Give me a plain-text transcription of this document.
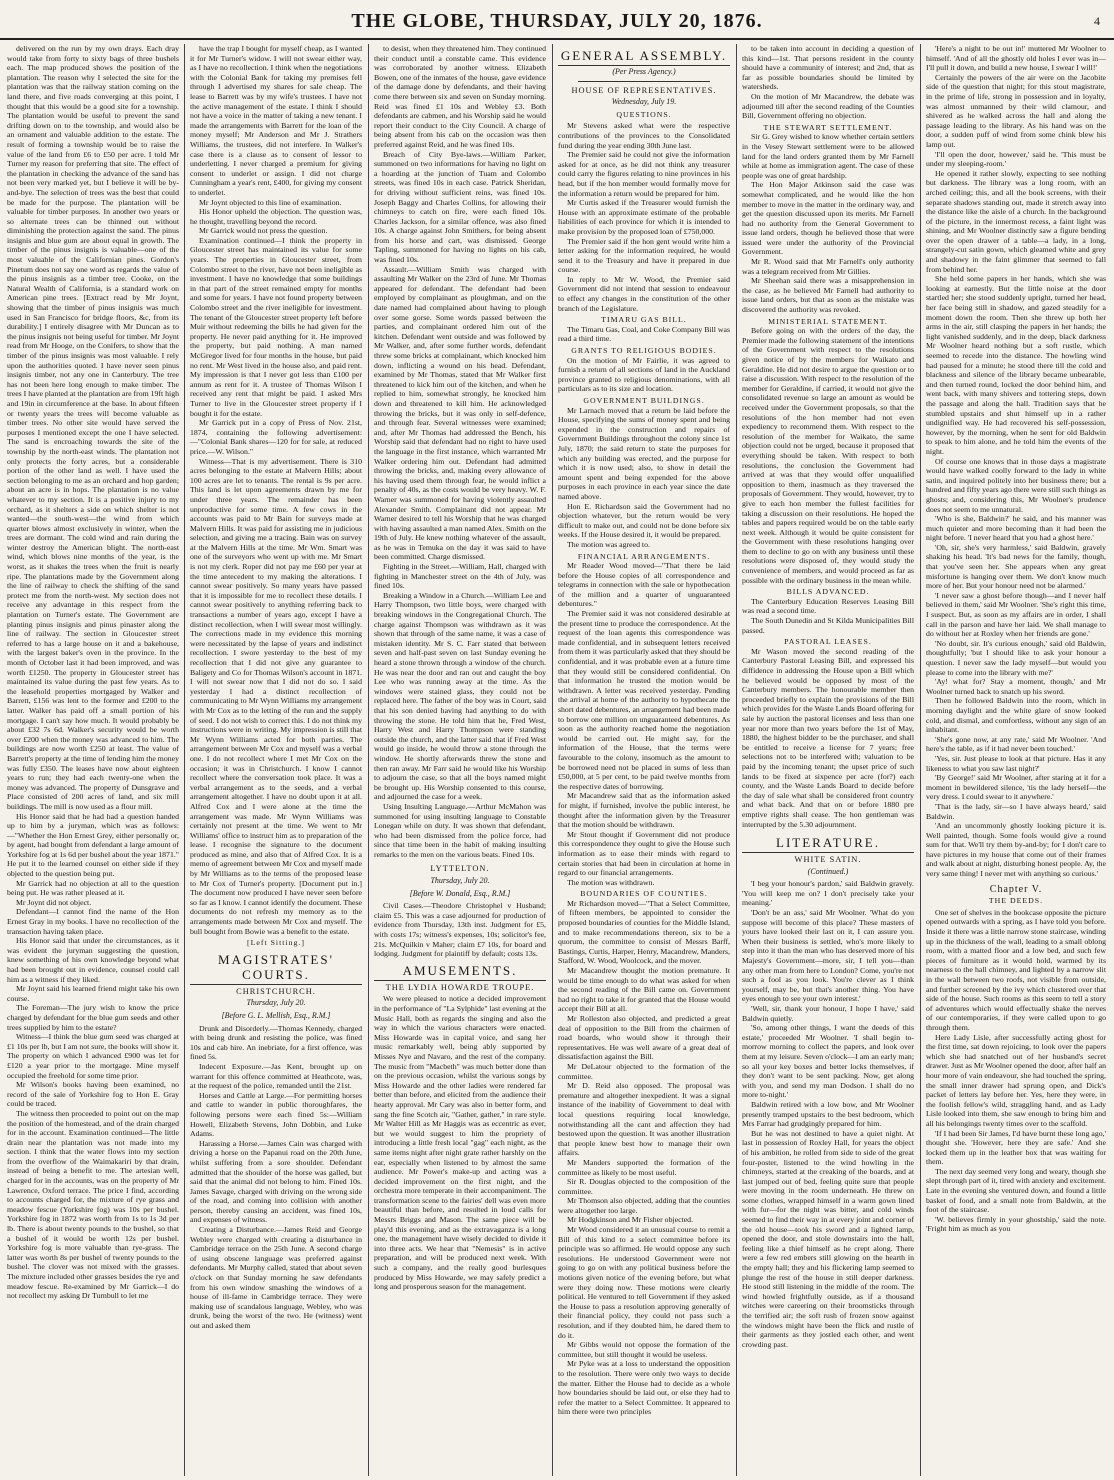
THE GLOBE, THURSDAY, JULY 20, 1876.	4

delivered on the run by my own drays. Each dray would take from forty to sixty bags of three bushels each. The map produced shows the position of the plantation. The reason why I selected the site for the plantation was that the railway station coming on the land there, and five roads converging at this point, I thought that this would be a good site for a township. The plantation would be useful to prevent the sand drifting down on to the township, and would also be an ornament and valuable addition to the estate. The result of forming a township would be to raise the value of the land from £6 to £50 per acre. I told Mr Turner my reason for preferring that site. The effect of the plantation in checking the advance of the sand has not been very marked yet, but I believe it will be by-and-bye. The selection of trees was the best that could be made for the purpose. The plantation will be valuable for timber purposes. In another two years or so alternate trees can be thinned out without diminishing the protection against the sand. The pinus insignis and blue gum are about equal in growth. The timber of the pinus insignis is valuable—one of the most valuable of the Californian pines. Gordon's Pinetum does not say one word as regards the value of the pinus insignis as a timber tree. Cooke, on the Natural Wealth of California, is a standard work on American pine trees. [Extract read by Mr Joynt, showing that the timber of pinus insignis was much used in San Francisco for bridge floors, &c, from its durability.] I entirely disagree with Mr Duncan as to the pinus insignis not being useful for timber. Mr Joynt read from Mr Hooge, on the Conifers, to show that the timber of the pinus insignis was most valuable. I rely upon the authorities quoted. I have never seen pinus insignis timber, not any one in Canterbury. The tree has not been here long enough to make timber. The trees I have planted at the plantation are from 19ft high and 19in in circumference at the base. In about fifteen or twenty years the trees will become valuable as timber trees. No other site would have served the purposes I mentioned except the one I have selected. The sand is encroaching towards the site of the township by the north-east winds. The plantation not only protects the forty acres, but a considerable portion of the other land as well. I have used the section belonging to me as an orchard and hop garden; about an acre is in hops. The plantation is no value whatever to my section. It is a positive injury to my orchard, as it shelters a side on which shelter is not wanted—the south-west—the wind from which quarter blows almost exclusively in winter, when the trees are dormant. The cold wind and rain during the winter destroy the American blight. The north-east wind, which blows nine months of the year, is the worst, as it shakes the trees when the fruit is nearly ripe. The plantations made by the Government along the line of railway to check the shifting of the sand protect me from the north-west. My section does not receive any advantage in this respect from the plantation on Turner's estate. The Government are planting pinus insignis and pinus pinaster along the line of railway. The section in Gloucester street referred to has a large house on it and a bakehouse, with the largest baker's oven in the province. In the month of October last it had been improved, and was worth £1250. The property in Gloucester street has maintained its value during the past few years. As to the leasehold properties mortgaged by Walker and Barrett, £156 was lent to the former and £200 to the latter. Walker has paid off a small portion of his mortgage. I can't say how much. It would probably be about £32 7s 6d. Walker's security would be worth over £200 when the money was advanced to him. The buildings are now worth £250 at least. The value of Barrett's property at the time of lending him the money was fully £350. The leases have now about eighteen years to run; they had each twenty-one when the money was advanced. The property of Dunsgrave and Place consisted of 200 acres of land, and six mill buildings. The mill is now used as a flour mill.

His Honor said that he had had a question handed up to him by a juryman, which was as follows:—"Whether the Hon Ernest Grey, either personally or, by agent, had bought from defendant a large amount of Yorkshire fog at 1s 6d per bushel about the year 1871." He put it to the learned counsel on either side if they objected to the question being put.

Mr Garrick had no objection at all to the question being put. He was rather pleased at it.

Mr Joynt did not object.

Defendant—I cannot find the name of the Hon Ernest Gray in my books. I have no recollection of the transaction having taken place.

His Honor said that under the circumstances, as it was evident the juryman suggesting the question, knew something of his own knowledge beyond what had been brought out in evidence, counsel could call him as a witness if they liked.

Mr Joynt said his learned friend might take his own course.

The Foreman—The jury wish to know the price charged by defendant for the blue gum seeds and other trees supplied by him to the estate?

Witness—I think the blue gum seed was charged at £1 10s per lb, but I am not sure, the books will show it. The property on which I advanced £900 was let for £120 a year prior to the mortgage. Mine myself occupied the freehold for some time prior.

Mr Wilson's books having been examined, no record of the sale of Yorkshire fog to Hon E. Gray could be traced.

The witness then proceeded to point out on the map the position of the homestead, and of the drain charged for in the account. Examination continued—The little drain near the plantation was not made into my section. I think that the water flows into my section from the overflow of the Waimakariri by that drain, instead of being a benefit to me. The artesian well, charged for in the accounts, was on the property of Mr Lawrence, Oxford terrace. The price I find, according to accounts charged for, the mixture of rye grass and meadow fescue (Yorkshire fog) was 10s per bushel. Yorkshire fog in 1872 was worth from 1s to 1s 3d per lb. There is about twenty pounds to the bushel, so that a bushel of it would be worth 12s per bushel. Yorkshire fog is more valuable than rye-grass. The latter was worth 8s per bushel of twenty pounds to the bushel. The clover was not mixed with the grasses. The mixture included other grasses besides the rye and meadow fescue. Re-examined by Mr Garrick—I do not recollect my asking Dr Turnbull to let me

have the trap I bought for myself cheap, as I wanted it for Mr Turner's widow. I will not swear either way, as I have no recollection. I think when the negotiations with the Colonial Bank for taking my premises fell through I advertised my shares for sale cheap. The lease to Barrett was by my wife's trustees. I have not the active management of the estate. I think I should not have a voice in the matter of taking a new tenant. I made the arrangements with Barrett for the loan of the money myself; Mr Anderson and Mr J. Strathers Williams, the trustees, did not interfere. In Walker's case there is a clause as to consent of lessor to underletting. I never charged a premium for giving consent to underlet or assign. I did not charge Cunningham a year's rent, £400, for giving my consent to underlet.

Mr Joynt objected to this line of examination.

His Honor upheld the objection. The question was, he thought, travelling beyond the record.

Mr Garrick would not press the question.

Examination continued—I think the property in Gloucester street has maintained its value for some years. The properties in Gloucester street, from Colombo street to the river, have not been ineligible as investment. I have no knowledge that some buildings in that part of the street remained empty for months and some for years. I have not found property between Colombo street and the river ineligible for investment. The tenant of the Gloucester street property left before Muir without redeeming the bills he had given for the property. He never paid anything for it. He improved the property, but paid nothing. A man named McGregor lived for four months in the house, but paid no rent. Mr West lived in the house also, and paid rent. My impression is that I never got less than £100 per annum as rent for it. A trustee of Thomas Wilson I received any rent that might be paid. I asked Mrs Turner to live in the Gloucester street property if I bought it for the estate.

Mr Garrick put in a copy of Press of Nov. 21st, 1874, containing the following advertisement:—"Colonial Bank shares—120 for for sale, at reduced price.—W. Wilson."

Witness—That is my advertisement. There is 310 acres belonging to the estate at Malvern Hills; about 100 acres are let to tenants. The rental is 9s per acre. This land is let upon agreements drawn by me for under three years. The remainder has been unproductive for some time. A few cows in the accounts was paid to Mr Bain for surveys made at Malvern Hills. It was paid for assisting me in judicious selection, and giving me a tracing. Bain was on survey at the Malvern Hills at the time. Mr Wm. Smart was one of the surveyors who went up with me. Mr Smart is not my clerk. Roper did not pay me £60 per year at the time antecedent to my making the alterations. I cannot swear positively. So many years have passed that it is impossible for me to recollect these details. I cannot swear positively to anything referring back to transactions a number of years ago, except I have a distinct recollection, when I will swear most willingly. The corrections made in my evidence this morning were necessitated by the lapse of years and indistinct recollection. I swore yesterday to the best of my recollection that I did not give any guarantee to Baligety and Co for Thomas Wilson's account in 1871. I will not swear now that I did not do so. I said yesterday I had a distinct recollection of communicating to Mr Wynn Williams my arrangement with Mr Cox as to the letting of the run and the supply of seed. I do not wish to correct this. I do not think my instructions were in writing. My impression is still that Mr Wynn Williams acted for both parties. The arrangement between Mr Cox and myself was a verbal one. I do not recollect where I met Mr Cox on the occasion; it was in Christchurch. I know I cannot recollect where the conversation took place. It was a verbal arrangement as to the seeds, and a verbal arrangement altogether. I have no doubt upon it at all. Alfred Cox and I were alone at the time the arrangement was made. Mr Wynn Williams was certainly not present at the time. We went to Mr Williams' office to instruct him as to preparation of the lease. I recognise the signature to the document produced as mine, and also that of Alfred Cox. It is a memo of agreement between Mr Cox and myself made by Mr Williams as to the terms of the proposed lease to Mr Cox of Turner's property. [Document put in.] The document now produced I have never seen before so far as I know. I cannot identify the document. These documents do not refresh my memory as to the arrangements made between Mr Cox and myself. The bull bought from Bowie was a benefit to the estate.

[Left Sitting.]

MAGISTRATES' COURTS.
CHRISTCHURCH.
Thursday, July 20.
[Before G. L. Mellish, Esq., R.M.]

Drunk and Disorderly.—Thomas Kennedy, charged with being drunk and resisting the police, was fined 10s and cab hire. An inebriate, for a first offence, was fined 5s.

Indecent Exposure.—Jas Kent, brought up on warrant for this offence committed at Heathcote, was, at the request of the police, remanded until the 21st.

Horses and Cattle at Large.—For permitting horses and cattle to wander in public thoroughfares, the following persons were each fined 5s:—William Howell, Elizabeth Stevens, John Dobbin, and Luke Adams.

Harassing a Horse.—James Cain was charged with driving a horse on the Papanui road on the 20th June, whilst suffering from a sore shoulder. Defendant admitted that the shoulder of the horse was galled, but said that the animal did not belong to him. Fined 10s. James Savage, charged with driving on the wrong side of the road, and coming into collision with another person, thereby causing an accident, was fined 10s, and expenses of witness.

Creating a Disturbance.—James Reid and George Webley were charged with creating a disturbance in Cambridge terrace on the 25th June. A second charge of using obscene language was preferred against defendants. Mr Murphy called, stated that about seven o'clock on that Sunday morning he saw defendants from his own window smashing the windows of a house of ill-fame in Cambridge terrace. They were making use of scandalous language, Webley, who was drunk, being the worst of the two. He (witness) went out and asked them

to desist, when they threatened him. They continued their conduct until a constable came. This evidence was corroborated by another witness. Elizabeth Bowen, one of the inmates of the house, gave evidence of the damage done by defendants, and their having come there between six and seven on Sunday morning. Reid was fined £1 10s and Webley £3. Both defendants are cabmen, and his Worship said he would report their conduct to the City Council. A charge of being absent from his cab on the occasion was then preferred against Reid, and he was fined 10s.

Breach of City Bye-laws.—William Parker, summoned on two informations for having no light on a hoarding at the junction of Tuam and Colombo streets, was fined 10s in each case. Patrick Sheridan, for driving without sufficient reins, was fined 10s. Joseph Baggy and Charles Collins, for allowing their chimneys to catch on fire, were each fined 10s. Charles Jackson, for a similar offence, was also fined 10s. A charge against John Smithers, for being absent from his horse and cart, was dismissed. George Tapling, summoned for having no lights on his cab, was fined 10s.

Assault.—William Smith was charged with assaulting Mr Walker on the 23rd of June. Mr Thomas appeared for defendant. The defendant had been employed by complainant as ploughman, and on the date named had complained about having to plough over some gorse. Some words passed between the parties, and complainant ordered him out of the kitchen. Defendant went outside and was followed by Mr Walker, and, after some further words, defendant threw some bricks at complainant, which knocked him down, inflicting a wound on his head. Defendant, examined by Mr Thomas, stated that Mr Walker first threatened to kick him out of the kitchen, and when he replied to him, somewhat strongly, he knocked him down and threatened to kill him. He acknowledged throwing the bricks, but it was only in self-defence, and through fear. Several witnesses were examined; and, after Mr Thomas had addressed the Bench, his Worship said that defendant had no right to have used the language in the first instance, which warranted Mr Walker ordering him out. Defendant had admitted throwing the bricks, and, making every allowance of his having used them through fear, he would inflict a penalty of 40s, as the costs would be very heavy. W. F. Warner was summoned for having violently assaulted Alexander Smith. Complainant did not appear. Mr Warner desired to tell his Worship that he was charged with having assaulted a man named Alex. Smith on the 19th of July. He knew nothing whatever of the assault, as he was in Temuka on the day it was said to have been committed. Charge dismissed.

Fighting in the Street.—William, Hall, charged with fighting in Manchester street on the 4th of July, was fined 10s.

Breaking a Window in a Church.—William Lee and Harry Thompson, two little boys, were charged with breaking windows in the Congregational Church. The charge against Thompson was withdrawn as it was shown that through of the same name, it was a case of mistaken identity. Mr S. C. Farr stated that between seven and half-past seven on last Sunday evening he heard a stone thrown through a window of the church. He was near the door and ran out and caught the boy Lee who was running away at the time. As the windows were stained glass, they could not be replaced here. The father of the boy was in Court, said that his son denied having had anything to do with throwing the stone. He told him that he, Fred West, Harry West and Harry Thompson were standing outside the church, and the latter said that if Fred West would go inside, he would throw a stone through the window. He shortly afterwards threw the stone and then ran away. Mr Farr said he would like his Worship to adjourn the case, so that all the boys named might be brought up. His Worship consented to this course, and adjourned the case for a week.

Using Insulting Language.—Arthur McMahon was summoned for using insulting language to Constable Lonegan while on duty. It was shown that defendant, who had been dismissed from the police force, had since that time been in the habit of making insulting remarks to the men on the various beats. Fined 10s.

LYTTELTON.
Thursday, July 20.
[Before W. Donald, Esq., R.M.]

Civil Cases.—Theodore Christophel v Husband; claim £5. This was a case adjourned for production of evidence from Thursday, 13th inst. Judgment for £5, with costs 17s; witness's expenses, 10s; solicitor's fee, 21s. McQuilkin v Maher; claim £7 10s, for board and lodging. Judgment for plaintiff by default; costs 13s.

AMUSEMENTS.
THE LYDIA HOWARDE TROUPE.

We were pleased to notice a decided improvement in the performance of "La Sylphide" last evening at the Music Hall, both as regards the singing and also the way in which the various characters were enacted. Miss Howarde was in capital voice, and sang her music remarkably well, being ably supported by Misses Nye and Navaro, and the rest of the company. The music from "Macbeth" was much better done than on the previous occasion, whilst the various songs by Miss Howarde and the other ladies were rendered far better than before, and elicited from the audience their hearty approval. Mr Cary was also in better form, and sang the fine Scotch air, "Gather, gather," in rare style. Mr Walter Hill as Mr Haggis was as eccentric as ever, but we would suggest to him the propriety of introducing a little fresh local "gag" each night, as the same items night after night grate rather harshly on the ear, especially when listened to by almost the same audience. Mr Power's make-up and acting was a decided improvement on the first night, and the orchestra more temperate in their accompaniment. The transformation scene to the fairies' dell was even more beautiful than before, and resulted in loud calls for Messrs Briggs and Mason. The same piece will be play'd this evening, and as the extravaganza is a long one, the management have wisely decided to divide it into three acts. We hear that "Nemesis" is in active preparation, and will be produced next week. With such a company, and the really good burlesques produced by Miss Howarde, we may safely predict a long and prosperous season for the management.

GENERAL ASSEMBLY.
(Per Press Agency.)
HOUSE OF REPRESENTATIVES.
Wednesday, July 19.
QUESTIONS.

Mr Stevens asked what were the respective contributions of the provinces to the Consolidated fund during the year ending 30th June last.

The Premier said he could not give the information asked for at once, as he did not think any treasurer could carry the figures relating to nine provinces in his head, but if the hon member would formally move for the information a return would be prepared for him.

Mr Curtis asked if the Treasurer would furnish the House with an approximate estimate of the probable liabilities of each province for which it is intended to make provision by the proposed loan of £750,000.

The Premier said if the hon gent would write him a letter asking for the information required, he would send it to the Treasury and have it prepared in due course.

In reply to Mr W. Wood, the Premier said Government did not intend that session to endeavour to effect any changes in the constitution of the other branch of the Legislature.

TIMARU GAS BILL.

The Timaru Gas, Coal, and Coke Company Bill was read a third time.

GRANTS TO RELIGIOUS BODIES.

On the motion of Mr Fairlie, it was agreed to furnish a return of all sections of land in the Auckland province granted to religious denominations, with all particulars as to its size and location.

GOVERNMENT BUILDINGS.

Mr Larnach moved that a return be laid before the House, specifying the sums of money spent and being expended in the construction and repairs of Government Buildings throughout the colony since 1st July, 1870; the said return to state the purposes for which any building was erected, and the purpose for which it is now used; also, to show in detail the amount spent and being expended for the above purposes in each province in each year since the date named above.

Hon E. Richardson said the Government had no objection whatever, but the return would be very difficult to make out, and could not be done before six weeks. If the House desired it, it would be prepared.

The motion was agreed to.

FINANCIAL ARRANGEMENTS.

Mr Reader Wood moved—"That there be laid before the House copies of all correspondence and telegrams in connection with the sale or hypothecation of the million and a quarter of unguaranteed debentures."

The Premier said it was not considered desirable at the present time to produce the correspondence. At the request of the loan agents this correspondence was made confidential, and in subsequent letters received from them it was particularly asked that they should be confidential, and it was probable even at a future time that they would still be considered confidential. On that information he trusted the motion would be withdrawn. A letter was received yesterday. Pending the arrival at home of the authority to hypothecate the short dated debentures, an arrangement had been made to borrow one million on unguaranteed debentures. As soon as the authority reached home the negotiation would be carried out. He might say, for the information of the House, that the terms were favourable to the colony, insomuch as the amount to be borrowed need not be placed in sums of less than £50,000, at 5 per cent, to be paid twelve months from the respective dates of borrowing.

Mr Macandrew said that as the information asked for might, if furnished, involve the public interest, he thought after the information given by the Treasurer that the motion should be withdrawn.

Mr Stout thought if Government did not produce this correspondence they ought to give the House such information as to ease their minds with regard to certain stories that had been in circulation at home in regard to our financial arrangements.

The motion was withdrawn.

BOUNDARIES OF COUNTIES.

Mr Richardson moved—"That a Select Committee, of fifteen members, be appointed to consider the proposed boundaries of counties for the Middle Island, and to make recommendations thereon, six to be a quorum, the committee to consist of Messrs Barff, Bastings, Curtis, Harper, Henry, Macandrew, Manders, Stafford, W. Wood, Woolcock, and the mover.

Mr Macandrew thought the motion premature. It would be time enough to do what was asked for when the second reading of the Bill came on. Government had no right to take it for granted that the House would accept their Bill at all.

Mr Rolleston also objected, and predicted a great deal of opposition to the Bill from the chairmen of road boards, who would show it through their representatives. He was well aware of a great deal of dissatisfaction against the Bill.

Mr DeLatour objected to the formation of the committee.

Mr D. Reid also opposed. The proposal was premature and altogether inexpedient. It was a signal instance of the inability of Government to deal with local questions requiring local knowledge, notwithstanding all the cant and affection they had bestowed upon the question. It was another illustration that people knew best how to manage their own affairs.

Mr Manders supported the formation of the committee as likely to be most useful.

Sir R. Douglas objected to the composition of the committee.

Mr Thomson also objected, adding that the counties were altogether too large.

Mr Hodgkinson and Mr Fisher objected.

Mr Wood considered it an unusual course to remit a Bill of this kind to a select committee before its principle was so affirmed. He would oppose any such resolutions. He understood Government were not going to go on with any political business before the motions given notice of the evening before, but what were they doing now. These motions were clearly political. He ventured to tell Government if they asked the House to pass a resolution approving generally of their financial policy, they could not pass such a resolution, and if they doubted him, he dared them to do it.

Mr Gibbs would not oppose the formation of the committee, but still thought it would be useless.

Mr Pyke was at a loss to understand the opposition to the resolution. There were only two ways to decide the matter. Either the House had to decide as a whole how boundaries should be laid out, or else they had to refer the matter to a Select Committee. It appeared to him there were two principles

to be taken into account in deciding a question of this kind—1st. That persons resident in the county should have a community of interest; and 2nd, that as far as possible boundaries should be limited by watersheds.

On the motion of Mr Macandrew, the debate was adjourned till after the second reading of the Counties Bill, Government offering no objection.

THE STEWART SETTLEMENT.

Sir G. Grey wished to know whether certain settlers in the Vesey Stewart settlement were to be allowed land for the land orders granted them by Mr Farnell while at home as immigration agent. The case of these people was one of great hardship.

The Hon Major Atkinson said the case was somewhat complicated, and he would like the hon member to move in the matter in the ordinary way, and get the question discussed upon its merits. Mr Farnell had no authority from the General Government to issue land orders, though he believed those that were issued were under the authority of the Provincial Government.

Mr R. Wood said that Mr Farnell's only authority was a telegram received from Mr Gillies.

Mr Sheehan said there was a misapprehension in the case, as he believed Mr Farnell had authority to issue land orders, but that as soon as the mistake was discovered the authority was revoked.

MINISTERIAL STATEMENT.

Before going on with the orders of the day, the Premier made the following statement of the intentions of the Government with respect to the resolutions given notice of by the members for Waikato and Geraldine. He did not desire to argue the question or to raise a discussion. With respect to the resolution of the member for Geraldine, if carried, it would not give the consolidated revenue so large an amount as would be received under the Government proposals, so that the resolutions of the hon member had not even expediency to recommend them. With respect to the resolution of the member for Waikato, the same objection could not be urged, because it proposed that everything should be taken. With respect to both resolutions, the conclusion the Government had arrived at was that they would offer unqualified opposition to them, inasmuch as they traversed the proposals of Government. They would, however, try to give to each hon member the fullest facilities for taking a discussion on their resolutions. He hoped the tables and papers required would be on the table early next week. Although it would be quite consistent for the Government with these resolutions hanging over them to decline to go on with any business until these resolutions were disposed of, they would study the convenience of members, and would proceed as far as possible with the ordinary business in the mean while.

BILLS ADVANCED.

The Canterbury Education Reserves Leasing Bill was read a second time.

The South Dunedin and St Kilda Municipalities Bill passed.

PASTORAL LEASES.

Mr Wason moved the second reading of the Canterbury Pastoral Leasing Bill, and expressed his diffidence in addressing the House upon a Bill which he believed would be opposed by most of the Canterbury members. The honourable member then proceeded briefly to explain the provisions of the Bill which provides for the Waste Lands Board offering for sale by auction the pastoral licenses and less than one year nor more than two years before the 1st of May, 1880, the highest bidder to be the purchaser, and shall be entitled to receive a license for 7 years; free selections not to be interfered with; valuation to be paid by the incoming tenant; the upset price of such lands to be fixed at sixpence per acre (for?) each county, and the Waste Lands Board to decide before the day of sale what shall be considered front country and what back. And that on or before 1880 pre emptive rights shall cease. The hon gentleman was interrupted by the 5.30 adjournment.

LITERATURE.
WHITE SATIN.
(Continued.)

'I beg your honour's pardon,' said Baldwin gravely. 'You will keep me on? I don't precisely take your meaning.'

'Don't be an ass,' said Mr Woolner. 'What do you suppose will become of this place? These masters of yours have looked their last on it, I can assure you. When their business is settled, who's more likely to step into it than the man who has deserved more of his Majesty's Government—more, sir, I tell you—than any other man from here to London? Come, you're not such a fool as you look. You're clever as I think yourself, may be, but that's another thing. You have eyes enough to see your own interest.'

'Well, sir, thank your honour, I hope I have,' said Baldwin quietly.

'So, among other things, I want the deeds of this estate,' proceeded Mr Woolner. 'I shall begin to-morrow morning to collect the papers, and look over them at my leisure. Seven o'clock—I am an early man; so all your key boxes and better locks themselves, if they don't want to be sent packing. Now, get along with you, and send my man Dodson. I shall do no more to-night.'

Baldwin retired with a low bow, and Mr Woolner presently tramped upstairs to the best bedroom, which Mrs Farrar had grudgingly prepared for him.

But he was not destined to have a quiet night. At last in possession of Roxley Hall, for years the object of his ambition, he rolled from side to side of the great four-poster, listened to the wind howling in the chimneys, started at the creaking of the boards, and at last jumped out of bed, feeling quite sure that people were moving in the room underneath. He threw on some clothes, wrapped himself in a warm gown lined with fur—for the night was bitter, and cold winds seemed to find their way in at every joint and corner of the old house—took his sword and a lighted lamp, opened the door, and stole downstairs into the hall, feeling like a thief himself as he crept along. There were a few red embers still glowing on the hearth in the empty hall; they and his flickering lamp seemed to plunge the rest of the house in still deeper darkness. He stood still listening in the middle of the room. The wind howled frightfully outside, as if a thousand witches were careering on their broomsticks through the terrified air; the soft rush of frozen snow against the windows might have been the flick and rustle of their garments as they jostled each other, and went crowding past.

'Here's a night to be out in!' muttered Mr Woolner to himself. 'And of all the ghostly old holes I ever was in—I'll pull it down, and build a new house, I swear I will!'

Certainly the powers of the air were on the Jacobite side of the question that night; for this stout magistrate, in the prime of life, strong in possession and in loyalty, was almost unmanned by their wild clamour, and shivered as he walked across the hall and along the passage leading to the library. As his hand was on the door, a sudden puff of wind from some chink blew his lamp out.

'I'll open the door, however,' said he. 'This must be under my sleeping-room.'

He opened it rather slowly, expecting to see nothing but darkness. The library was a long room, with an arched ceiling; this, and all the book screens, with their separate shadows standing out, made it stretch away into the distance like the aisle of a church. In the background of the picture, in the innermost recess, a faint light was shining, and Mr Woolner distinctly saw a figure bending over the open drawer of a table—a lady, in a long, strangely-cut satin gown, which gleamed white and grey and shadowy in the faint glimmer that seemed to fall from behind her.

She held some papers in her hands, which she was looking at earnestly. But the little noise at the door startled her; she stood suddenly upright, turned her head, her face being still in shadow, and gazed steadily for a moment down the room. Then she threw up both her arms in the air, still clasping the papers in her hands; the light vanished suddenly, and in the deep, black darkness Mr Woolner heard nothing but a soft rustle, which seemed to recede into the distance. The howling wind had paused for a minute; he stood there till the cold and blackness and silence of the library became unbearable, and then turned round, locked the door behind him, and went back, with many shivers and tottering steps, down the passage and along the hall. Tradition says that he stumbled upstairs and shut himself up in a rather undignified way. He had recovered his self-possession, however, by the morning, when he sent for old Baldwin to speak to him alone, and he told him the events of the night.

Of course one knows that in those days a magistrate would have walked coolly forward to the lady in white satin, and inquired politely into her business there; but a hundred and fifty years ago there were still such things as ghosts; and, considering this, Mr Woolner's prudence does not seem to me unnatural.

'Who is she, Baldwin?' he said, and his manner was much quieter and more becoming than it had been the night before. 'I never heard that you had a ghost here.'

'Oh, sir, she's very harmless,' said Baldwin, gravely shaking his head. 'It's bad news for the family, though, that you've seen her. She appears when any great misfortune is hanging over them. We don't know much more of her. But your honour need not be alarmed.'

'I never saw a ghost before though—and I never half believed in them,' said Mr Woolner. 'She's right this time, I suspect. But, as soon as my affairs are in order, I shall call in the parson and have her laid. We shall manage to do without her at Roxley when her friends are gone.'

'No doubt, sir. It's curious enough,' said old Baldwin, thoughtfully; 'but I should like to ask your honour a question. I never saw the lady myself—but would you please to come into the library with me?'

'Ay! what for? Stay a moment, though,' and Mr Woolner turned back to snatch up his sword.

Then he followed Baldwin into the room, which in morning daylight and the white glare of snow looked cold, and dismal, and comfortless, without any sign of an inhabitant.

'She's gone now, at any rate,' said Mr Woolner. 'And here's the table, as if it had never been touched.'

'Yes, sir. Just please to look at that picture. Has it any likeness to what you saw last night?'

'By George!' said Mr Woolner, after staring at it for a moment in bewildered silence, 'tis the lady herself—the very dress. I could swear to it anywhere.'

'That is the lady, sir—so I have always heard,' said Baldwin.

'And an uncommonly ghostly looking picture it is. Well painted, though. Some fools would give a round sum for that. We'll try them by-and-by; for I don't care to have pictures in my house that come out of their frames and walk about at night, disturbing honest people. Ay, the very same thing! I never met with anything so curious.'

Chapter V.
THE DEEDS.

One set of shelves in the bookcase opposite the picture opened outwards with a spring, as I have told you before. Inside it there was a little narrow stone staircase, winding up in the thickness of the wall, leading to a small oblong room, with a matted floor and a low bed, and such few pieces of furniture as it would hold, warmed by its nearness to the hall chimney, and lighted by a narrow slit in the wall between two roofs, not visible from outside, and further screened by the ivy which clustered over that side of the house. Such rooms as this seem to tell a story of adventures which would effectually shake the nerves of our contemporaries, if they were called upon to go through them.

Here Lady Lisle, after successfully acting ghost for the first time, sat down rejoicing, to look over the papers which she had snatched out of her husband's secret drawer. Just as Mr Woolner opened the door, after half an hour more of vain endeavour, she had touched the spring, the small inner drawer had sprung open, and Dick's packet of letters lay before her. Yes, here they were, in the foolish fellow's wild, straggling hand, and as Lady Lisle looked into them, she saw enough to bring him and all his belongings twenty times over to the scaffold.

'If I had been Sir James, I'd have burnt these long ago,' thought she. 'However, here they are safe.' And she locked them up in the leather box that was waiting for them.

The next day seemed very long and weary, though she slept through part of it, tired with anxiety and excitement. Late in the evening she ventured down, and found a little basket of food, and a small note from Baldwin, at the foot of the staircase.

'W. believes firmly in your ghostship,' said the note. 'Fright him as much as you
